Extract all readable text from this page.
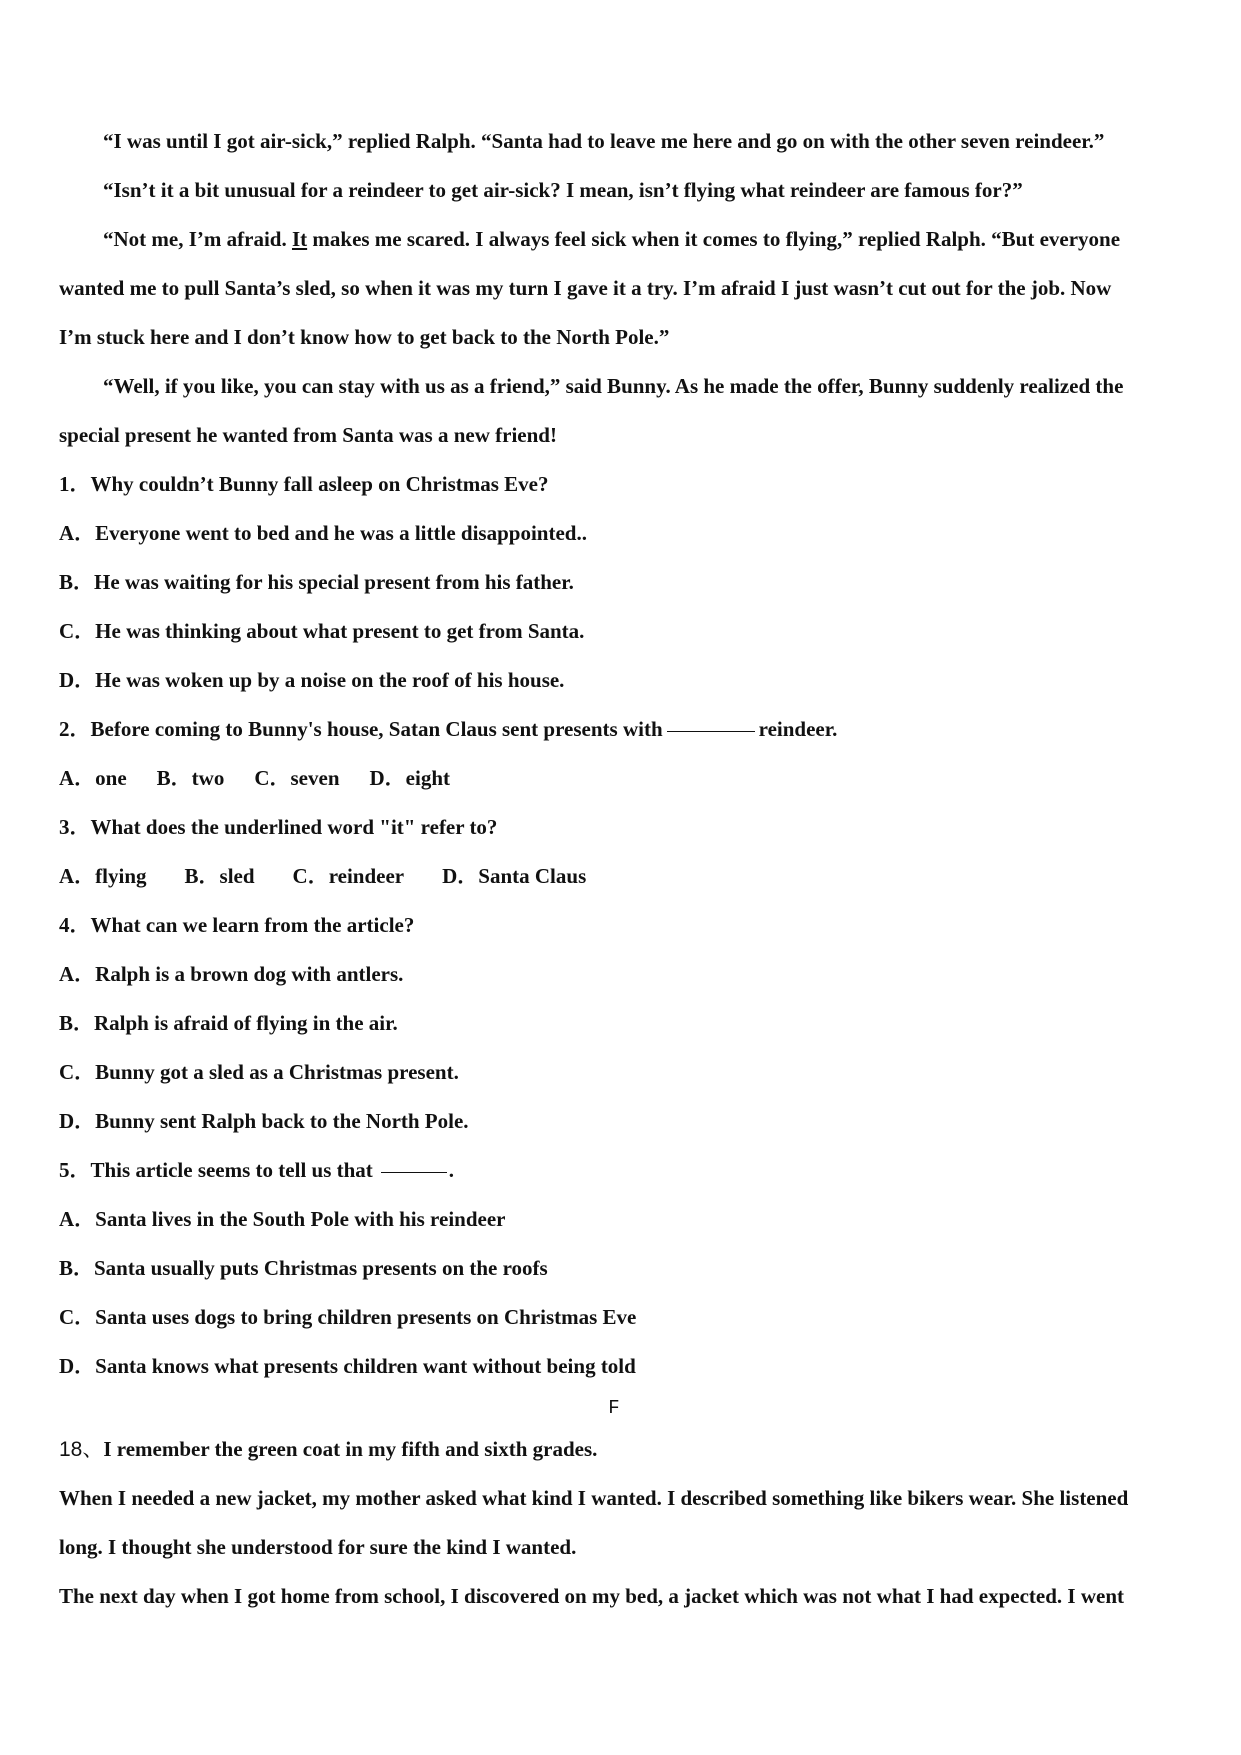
“I was until I got air-sick,” replied Ralph. “Santa had to leave me here and go on with the other seven reindeer.”
“Isn’t it a bit unusual for a reindeer to get air-sick? I mean, isn’t flying what reindeer are famous for?”
“Not me, I’m afraid. It makes me scared. I always feel sick when it comes to flying,” replied Ralph. “But everyone
wanted me to pull Santa’s sled, so when it was my turn I gave it a try. I’m afraid I just wasn’t cut out for the job. Now
I’m stuck here and I don’t know how to get back to the North Pole.”
“Well, if you like, you can stay with us as a friend,” said Bunny. As he made the offer, Bunny suddenly realized the
special present he wanted from Santa was a new friend!
1．Why couldn’t Bunny fall asleep on Christmas Eve?
A．Everyone went to bed and he was a little disappointed..
B．He was waiting for his special present from his father.
C．He was thinking about what present to get from Santa.
D．He was woken up by a noise on the roof of his house.
2．Before coming to Bunny's house, Satan Claus sent presents with	reindeer.
A．one B．two C．seven D．eight
3．What does the underlined word "it" refer to?
A．flying B．sled C．reindeer D．Santa Claus
4．What can we learn from the article?
A．Ralph is a brown dog with antlers.
B．Ralph is afraid of flying in the air.
C．Bunny got a sled as a Christmas present.
D．Bunny sent Ralph back to the North Pole.
5．This article seems to tell us that	.
A．Santa lives in the South Pole with his reindeer
B．Santa usually puts Christmas presents on the roofs
C．Santa uses dogs to bring children presents on Christmas Eve
D．Santa knows what presents children want without being told
F
18、I remember the green coat in my fifth and sixth grades.
When I needed a new jacket, my mother asked what kind I wanted. I described something like bikers wear. She listened
long. I thought she understood for sure the kind I wanted.
The next day when I got home from school, I discovered on my bed, a jacket which was not what I had expected. I went
